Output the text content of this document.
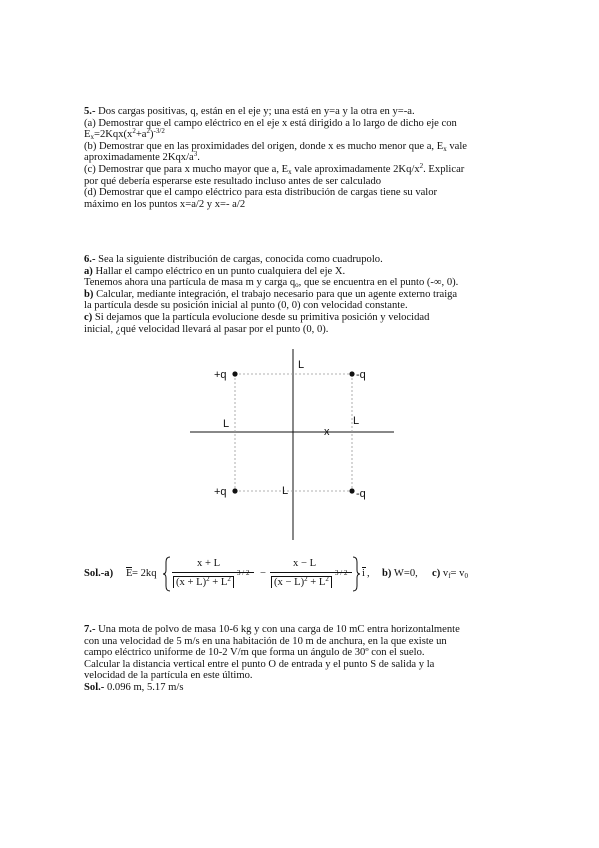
5.- Dos cargas positivas, q, están en el eje y; una está en y=a y la otra en y=-a.

(a) Demostrar que el campo eléctrico en el eje x está dirigido a lo largo de dicho eje con

$E_x=2Kqx(x^2+a^2)^{-3/2}$

(b) Demostrar que en las proximidades del origen, donde x es mucho menor que a, $E_x$ vale

aproximadamente $2Kqx/a^3$.

(c) Demostrar que para x mucho mayor que a, $E_x$ vale aproximadamente $2Kq/x^2$. Explicar

por qué debería esperarse este resultado incluso antes de ser calculado

(d) Demostrar que el campo eléctrico para esta distribución de cargas tiene su valor

máximo en los puntos x=a/2 y x=- a/2

6.- Sea la siguiente distribución de cargas, conocida como cuadrupolo.

a) Hallar el campo eléctrico en un punto cualquiera del eje X.

Tenemos ahora una partícula de masa m y carga $q_o$, que se encuentra en el punto (-∞, 0).

b) Calcular, mediante integración, el trabajo necesario para que un agente externo traiga

la partícula desde su posición inicial al punto (0, 0) con velocidad constante.

c) Si dejamos que la partícula evolucione desde su primitiva posición y velocidad

inicial, ¿qué velocidad llevará al pasar por el punto (0, 0).

+q	-q
+q	-q
L
L	L
L
x
Sol.-a) E = 2kq
x + L
$(x + L)^2 + L^2$
3 / 2 −
x − L
$(x - L)^2 + L^2$
3 / 2 i , b) W=0, c) $v_f= v_0$

7.- Una mota de polvo de masa 10-6 kg y con una carga de 10 mC entra horizontalmente

con una velocidad de 5 m/s en una habitación de 10 m de anchura, en la que existe un

campo eléctrico uniforme de 10-2 V/m que forma un ángulo de 30º con el suelo.

Calcular la distancia vertical entre el punto O de entrada y el punto S de salida y la

velocidad de la partícula en este último.

Sol.- 0.096 m, 5.17 m/s
